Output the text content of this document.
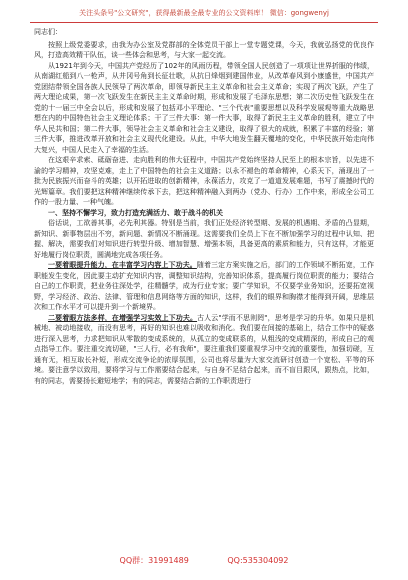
关注头条号"公文研究"，获得最新最全最专业的公文资料库！ 微信：gongwenyj

同志们：

按照上级党委要求，由我为办公室及党群部的全体党员干部上一堂专题党课，今天，我就弘扬党的优良作风，打造高效精干队伍，谈一些体会和思考，与大家一起交流。

从1921年到今天，中国共产党经历了102年的风雨历程，带领全国人民创造了一项项让世界折服的伟绩，从南湖红船到八一枪声，从井冈号角到长征壮歌，从抗日烽烟到建国伟业，从改革春风到小康盛世，中国共产党团结带领全国各族人民领导了两次革命，即领导新民主主义革命和社会主义革命；实现了两次飞跃，产生了两大理论成果，第一次飞跃发生在新民主主义革命时期，形成和发展了毛泽东思想；第二次历史性飞跃发生在党的十一届三中全会以后，形成和发展了包括邓小平理论、"三个代表"重要思想以及科学发展观等重大战略思想在内的中国特色社会主义理论体系；干了三件大事：第一件大事，取得了新民主主义革命的胜利，建立了中华人民共和国；第二件大事，领导社会主义革命和社会主义建设，取得了很大的成就，积累了丰富的经验；第三件大事，推进改革开放和社会主义现代化建设。从此，中华大地发生翻天覆地的变化，中华民族开始走向伟大复兴，中国人民走入了幸福的生活。

在这艰辛求索、砥砺奋进、走向胜利的伟大征程中，中国共产党始终坚持人民至上的根本宗旨，以先进不渝的学习精神，攻坚克难，走上了中国特色的社会主义道路；以永不褪色的革命精神，心系天下，涌现出了一批为民族振兴而奋斗的英雄；以开拓进取的创新精神，永葆活力，攻克了一道道发展难题，书写了震撼时代的光辉篇章。我们要把这种精神继续传承下去，把这种精神融入到两办（党办、行办）工作中来，形成全公司工作的一股力量、一种气魄。

一、坚持不懈学习，致力打造充满活力、敢于战斗的机关

俗话说，工欲善其事，必先利其器。特别是当前，我们正处经济转型期、发展的机遇期、矛盾的凸显期，新知识、新事物层出不穷，新问题、新情况不断涌现。这需要我们全员上下在不断加强学习的过程中认知、把握、解决，需要我们对知识进行转型升级、增加智慧、增强本领，具备更高的素质和能力，只有这样，才能更好地履行岗位职责，圆满地完成各项任务。

一要着眼提升能力，在丰富学习内容上下功夫。随着三定方案实施之后，部门的工作领域不断拓宽，工作职能发生变化，因此要主动扩充知识内容，调整知识结构，完善知识体系，提高履行岗位职责的能力；要结合自己的工作职责，把业务往深处学，往精髓学，成为行业专家；要广学知识，不仅要学业务知识，还要拓宽视野，学习经济、政治、法律、管理和信息网络等方面的知识，这样，我们的眼界和胸襟才能得到开阔，思维层次和工作水平才可以提升到一个新境界。

二要着眼方法多样，在增强学习实效上下功夫。古人云"学而不思则罔"，思考是学习的升华。如果只是机械地、被动地接收，而没有思考，再好的知识也难以吸收和消化。我们要在间接的基础上，结合工作中的疑惑进行深入思考，力求把知识从零散的变成系统的，从孤立的变成联系的，从粗浅的变成精深的，形成自己的观点指导工作。要注重交流切磋，"三人行，必有我师"，要注重我们要重视学习中交流的重要性，加强切磋，互通有无，相互取长补短，形成交流争论的浓厚氛围，公司也将尽量为大家交流研讨创造一个宽松、平等的环境。要注意学以致用，要将学习与工作需要结合起来，与自身不足结合起来，而不盲目跟风，跟热点，比如，有的同志，需要扬长避短地学；有的同志，需要结合新的工作职责进行

QQ群：31991489	QQ:535304092
